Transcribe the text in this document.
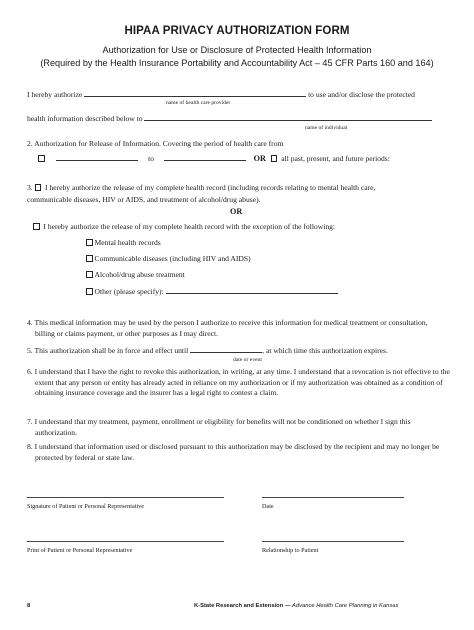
HIPAA PRIVACY AUTHORIZATION FORM
Authorization for Use or Disclosure of Protected Health Information
(Required by the Health Insurance Portability and Accountability Act – 45 CFR Parts 160 and 164)
I hereby authorize	to use and/or disclose the protected
name of health care provider
health information described below to
name of individual
2. Authorization for Release of Information. Covering the period of health care from
to	OR all past, present, and future periods:
3. I hereby authorize the release of my complete health record (including records relating to mental health care,
communicable diseases, HIV or AIDS, and treatment of alcohol/drug abuse).
OR
I hereby authorize the release of my complete health record with the exception of the following:
Mental health records
Communicable diseases (including HIV and AIDS)
Alcohol/drug abuse treatment
Other (please specify):
4. This medical information may be used by the person I authorize to receive this information for medical treatment or consultation, billing or claims payment, or other purposes as I may direct.
5. This authorization shall be in force and effect until	, at which time this authorization expires.
date or event
6. I understand that I have the right to revoke this authorization, in writing, at any time. I understand that a revocation is not effective to the extent that any person or entity has already acted in reliance on my authorization or if my authorization was obtained as a condition of obtaining insurance coverage and the insurer has a legal right to contest a claim.
7. I understand that my treatment, payment, enrollment or eligibility for benefits will not be conditioned on whether I sign this authorization.
8. I understand that information used or disclosed pursuant to this authorization may be disclosed by the recipient and may no longer be protected by federal or state law.
Signature of Patient or Personal Representative	Date
Print of Patient or Personal Representative	Relationship to Patient
8	K-State Research and Extension — Advance Health Care Planning in Kansas
